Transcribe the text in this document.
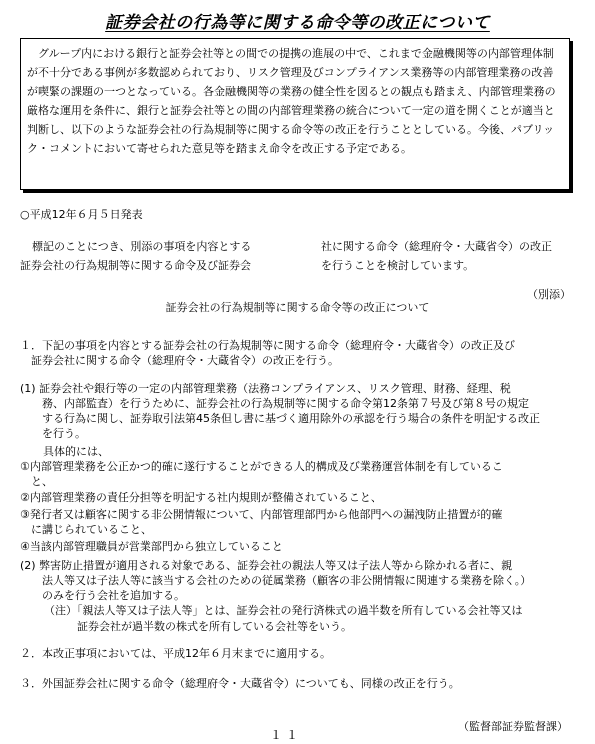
証券会社の行為等に関する命令等の改正について
グループ内における銀行と証券会社等との間での提携の進展の中で、これまで金融機関等の内部管理体制が不十分である事例が多数認められており、リスク管理及びコンプライアンス業務等の内部管理業務の改善が喫緊の課題の一つとなっている。各金融機関等の業務の健全性を図るとの観点も踏まえ、内部管理業務の厳格な運用を条件に、銀行と証券会社等との間の内部管理業務の統合について一定の道を開くことが適当と判断し、以下のような証券会社の行為規制等に関する命令等の改正を行うこととしている。今後、パブリック・コメントにおいて寄せられた意見等を踏まえ命令を改正する予定である。
○平成12年６月５日発表
標記のことにつき、別添の事項を内容とする
証券会社の行為規制等に関する命令及び証券会
社に関する命令（総理府令・大蔵省令）の改正
を行うことを検討しています。
（別添）
証券会社の行為規制等に関する命令等の改正について
１．下記の事項を内容とする証券会社の行為規制等に関する命令（総理府令・大蔵省令）の改正及び
　証券会社に関する命令（総理府令・大蔵省令）の改正を行う。
(1) 証券会社や銀行等の一定の内部管理業務（法務コンプライアンス、リスク管理、財務、経理、税
　　務、内部監査）を行うために、証券会社の行為規制等に関する命令第12条第７号及び第８号の規定
　　する行為に関し、証券取引法第45条但し書に基づく適用除外の承認を行う場合の条件を明記する改正
　　を行う。
具体的には、
①内部管理業務を公正かつ的確に遂行することができる人的構成及び業務運営体制を有しているこ
　と、
②内部管理業務の責任分担等を明記する社内規則が整備されていること、
③発行者又は顧客に関する非公開情報について、内部管理部門から他部門への漏洩防止措置が的確
　に講じられていること、
④当該内部管理職員が営業部門から独立していること
(2) 弊害防止措置が適用される対象である、証券会社の親法人等又は子法人等から除かれる者に、親
　　法人等又は子法人等に該当する会社のための従属業務（顧客の非公開情報に関連する業務を除く。）
　　のみを行う会社を追加する。
（注）「親法人等又は子法人等」とは、証券会社の発行済株式の過半数を所有している会社等又は
　　　証券会社が過半数の株式を所有している会社等をいう。
２．本改正事項においては、平成12年６月末までに適用する。
３．外国証券会社に関する命令（総理府令・大蔵省令）についても、同様の改正を行う。
（監督部証券監督課）
１１
